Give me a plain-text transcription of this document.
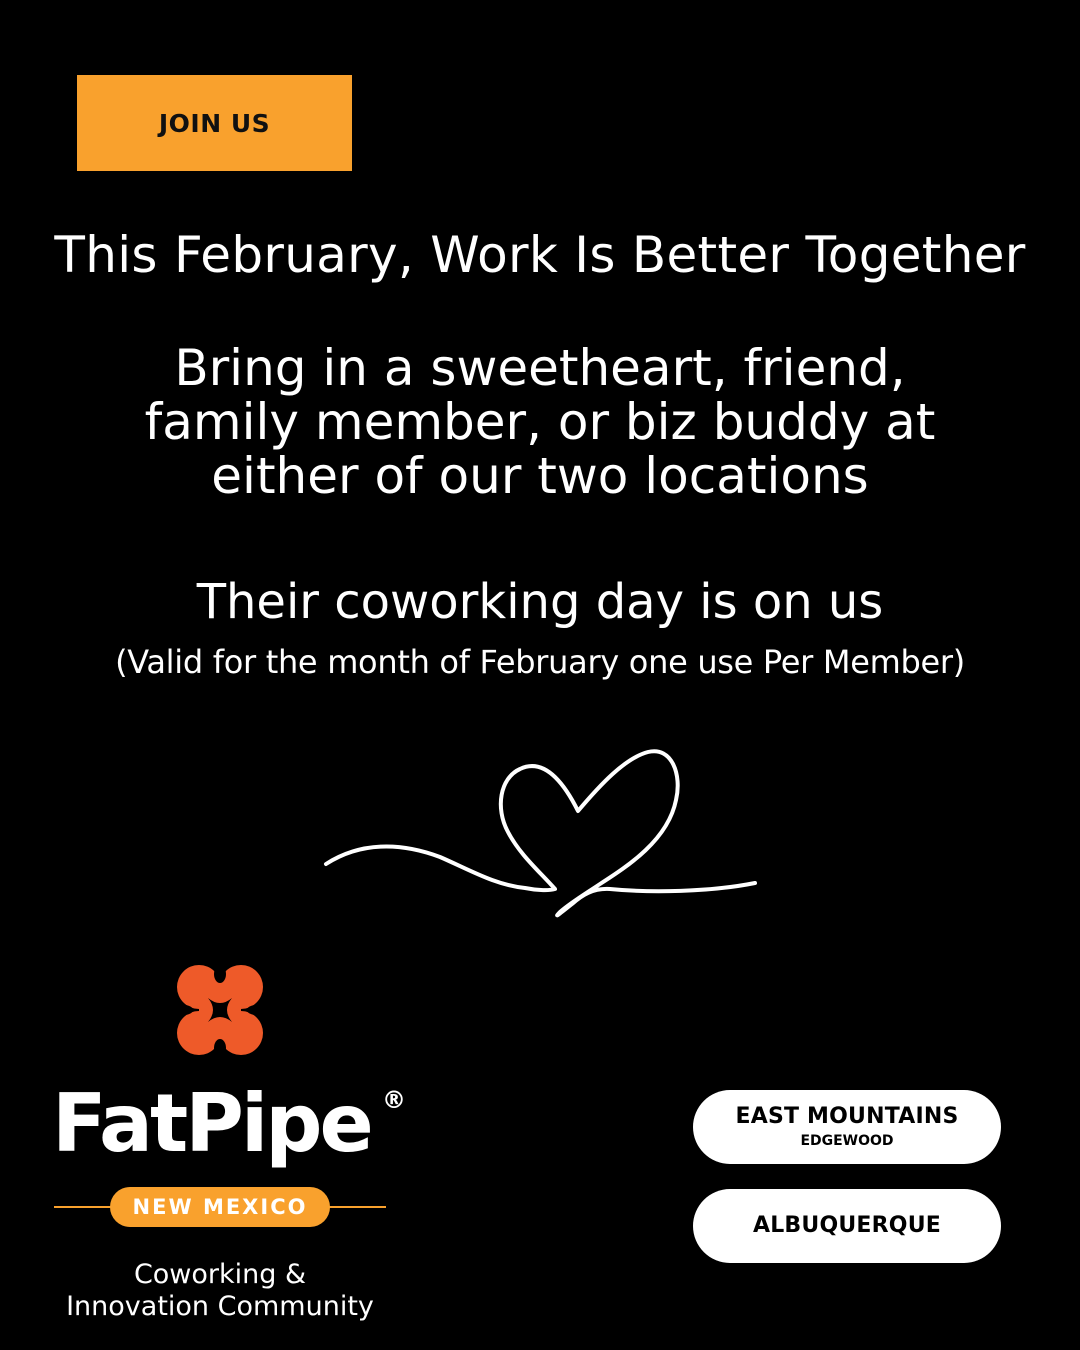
JOIN US
This February, Work Is Better Together
Bring in a sweetheart, friend,
family member, or biz buddy at
either of our two locations
Their coworking day is on us
(Valid for the month of February one use Per Member)
FatPipe ®
NEW MEXICO
Coworking &
Innovation Community
EAST MOUNTAINS
EDGEWOOD
ALBUQUERQUE
